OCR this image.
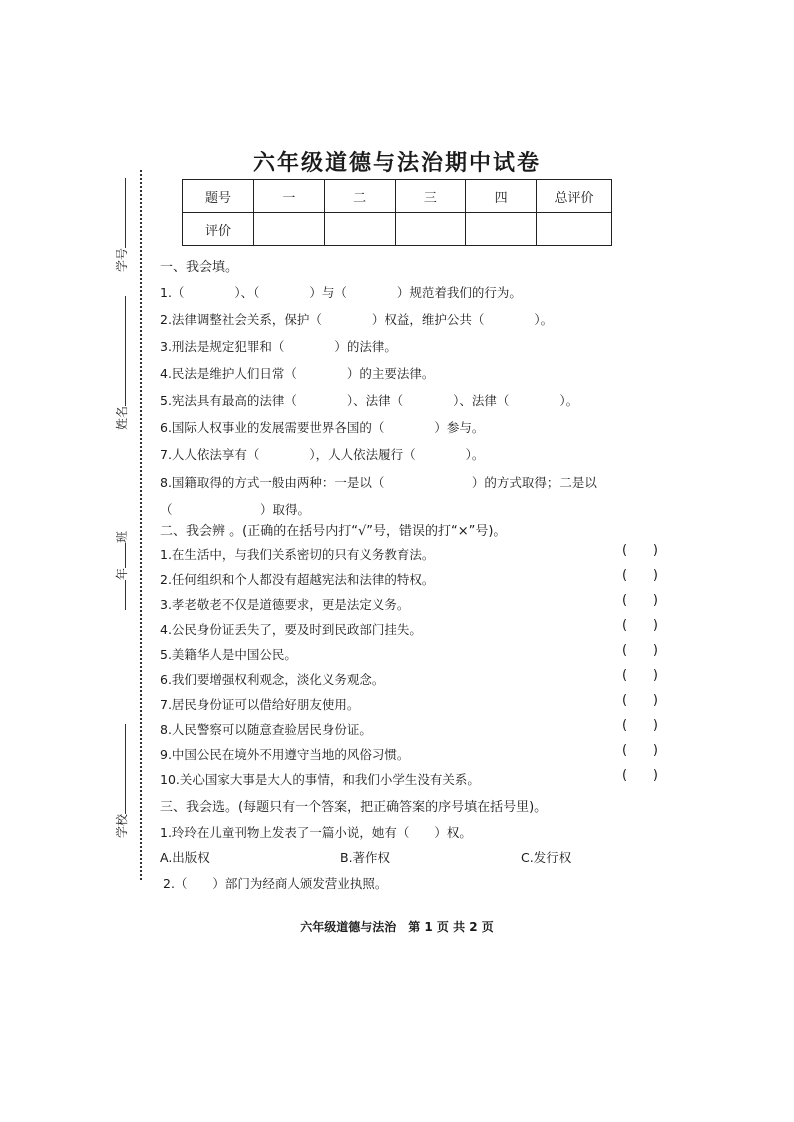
学号
姓名
年班
学校
六年级道德与法治期中试卷
题号	一	二	三	四	总评价
评价					
一、我会填。
1.（　　　　）、（　　　　）与（　　　　）规范着我们的行为。
2.法律调整社会关系，保护（　　　　）权益，维护公共（　　　　）。
3.刑法是规定犯罪和（　　　　）的法律。
4.民法是维护人们日常（　　　　）的主要法律。
5.宪法具有最高的法律（　　　　）、法律（　　　　）、法律（　　　　）。
6.国际人权事业的发展需要世界各国的（　　　　）参与。
7.人人依法享有（　　　　），人人依法履行（　　　　）。
8.国籍取得的方式一般由两种：一是以（　　　　　　　）的方式取得；二是以
（　　　　　　　）取得。
二、我会辨 。(正确的在括号内打“√”号，错误的打“×”号)。
1.在生活中，与我们关系密切的只有义务教育法。	( )
2.任何组织和个人都没有超越宪法和法律的特权。	( )
3.孝老敬老不仅是道德要求，更是法定义务。	( )
4.公民身份证丢失了，要及时到民政部门挂失。	( )
5.美籍华人是中国公民。	( )
6.我们要增强权利观念，淡化义务观念。	( )
7.居民身份证可以借给好朋友使用。	( )
8.人民警察可以随意查验居民身份证。	( )
9.中国公民在境外不用遵守当地的风俗习惯。	( )
10.关心国家大事是大人的事情，和我们小学生没有关系。	( )
三、我会选。(每题只有一个答案，把正确答案的序号填在括号里)。
1.玲玲在儿童刊物上发表了一篇小说，她有（　　）权。
A.出版权	B.著作权	C.发行权
2.（　　）部门为经商人颁发营业执照。
六年级道德与法治　第 1 页 共 2 页
